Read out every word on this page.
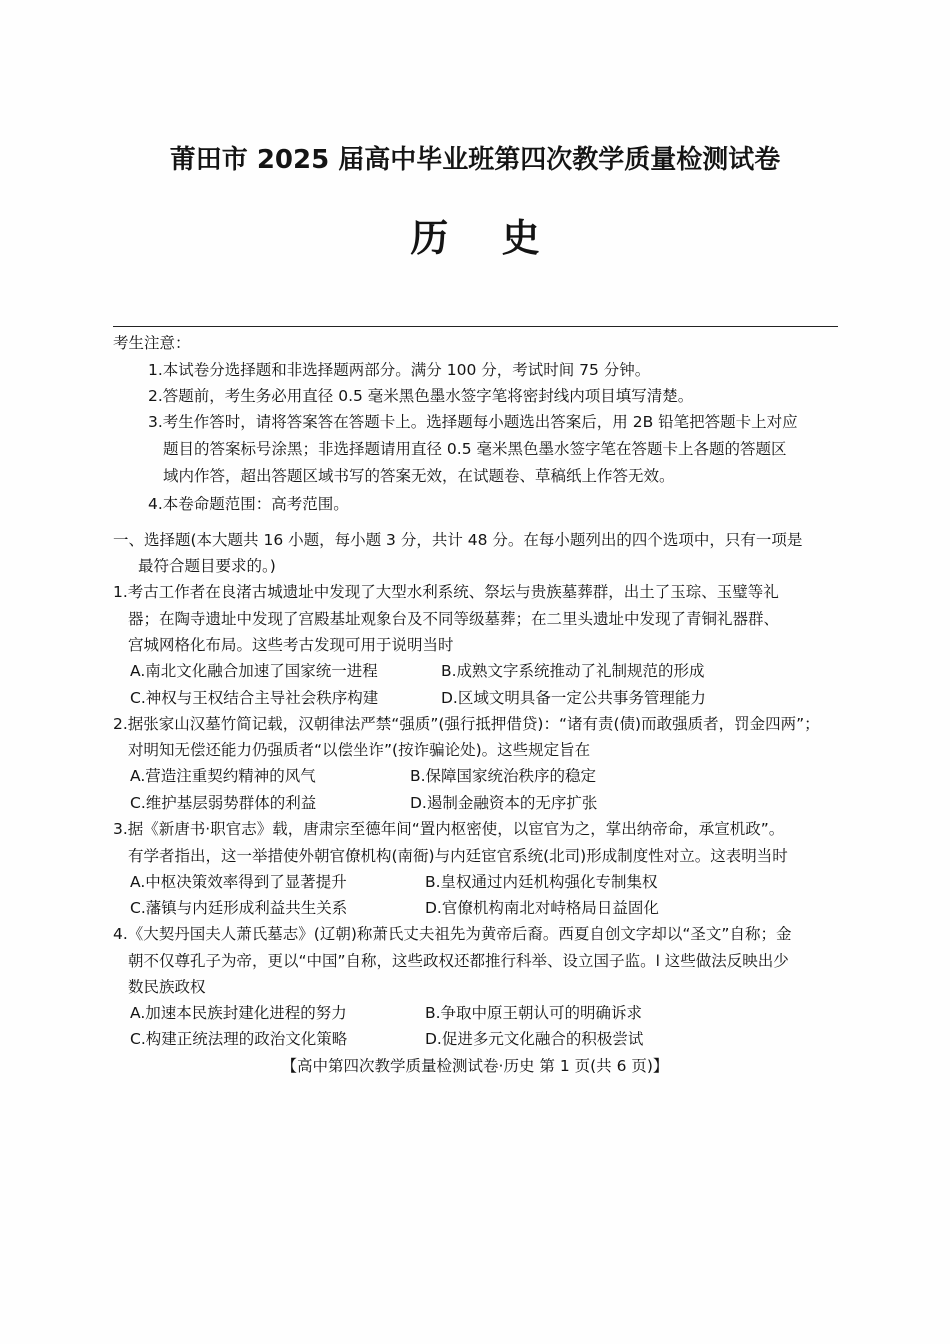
莆田市 2025 届高中毕业班第四次教学质量检测试卷
历 史
考生注意：
1.本试卷分选择题和非选择题两部分。满分 100 分，考试时间 75 分钟。
2.答题前，考生务必用直径 0.5 毫米黑色墨水签字笔将密封线内项目填写清楚。
3.考生作答时，请将答案答在答题卡上。选择题每小题选出答案后，用 2B 铅笔把答题卡上对应
题目的答案标号涂黑；非选择题请用直径 0.5 毫米黑色墨水签字笔在答题卡上各题的答题区
域内作答，超出答题区域书写的答案无效，在试题卷、草稿纸上作答无效。
4.本卷命题范围：高考范围。
一、选择题(本大题共 16 小题，每小题 3 分，共计 48 分。在每小题列出的四个选项中，只有一项是
最符合题目要求的。)
1.考古工作者在良渚古城遗址中发现了大型水利系统、祭坛与贵族墓葬群，出土了玉琮、玉璧等礼
器；在陶寺遗址中发现了宫殿基址观象台及不同等级墓葬；在二里头遗址中发现了青铜礼器群、
宫城网格化布局。这些考古发现可用于说明当时
A.南北文化融合加速了国家统一进程	B.成熟文字系统推动了礼制规范的形成
C.神权与王权结合主导社会秩序构建	D.区域文明具备一定公共事务管理能力
2.据张家山汉墓竹简记载，汉朝律法严禁“强质”(强行抵押借贷)：“诸有责(债)而敢强质者，罚金四两”；
对明知无偿还能力仍强质者“以偿坐诈”(按诈骗论处)。这些规定旨在
A.营造注重契约精神的风气	B.保障国家统治秩序的稳定
C.维护基层弱势群体的利益	D.遏制金融资本的无序扩张
3.据《新唐书·职官志》载，唐肃宗至德年间“置内枢密使，以宦官为之，掌出纳帝命，承宣机政”。
有学者指出，这一举措使外朝官僚机构(南衙)与内廷宦官系统(北司)形成制度性对立。这表明当时
A.中枢决策效率得到了显著提升	B.皇权通过内廷机构强化专制集权
C.藩镇与内廷形成利益共生关系	D.官僚机构南北对峙格局日益固化
4.《大契丹国夫人萧氏墓志》(辽朝)称萧氏丈夫祖先为黄帝后裔。西夏自创文字却以“圣文”自称；金
朝不仅尊孔子为帝，更以“中国”自称，这些政权还都推行科举、设立国子监。l 这些做法反映出少
数民族政权
A.加速本民族封建化进程的努力	B.争取中原王朝认可的明确诉求
C.构建正统法理的政治文化策略	D.促进多元文化融合的积极尝试
【高中第四次教学质量检测试卷·历史 第 1 页(共 6 页)】
